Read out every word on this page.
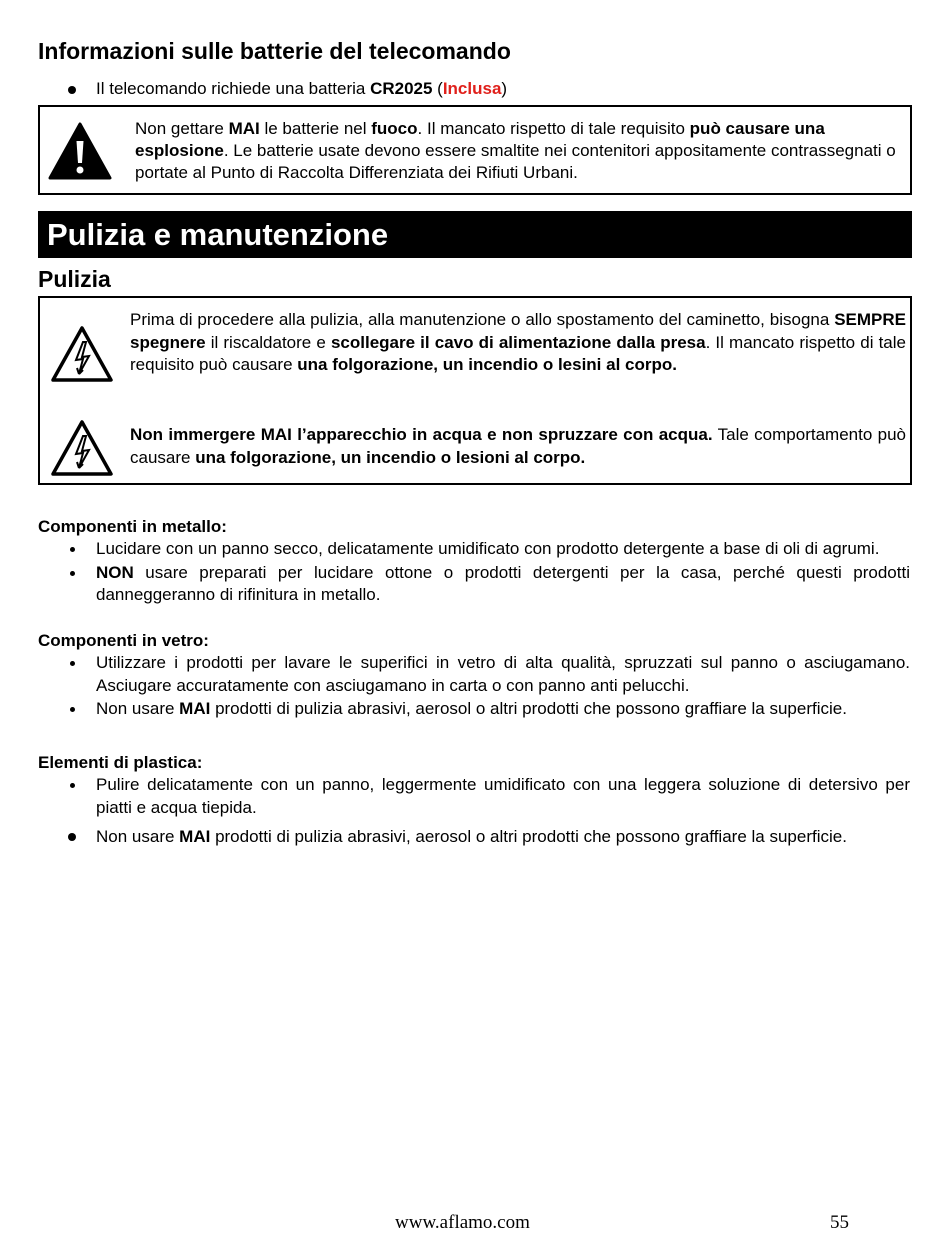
Informazioni sulle batterie del telecomando
Il telecomando richiede una batteria CR2025 (Inclusa)
Non gettare MAI le batterie nel fuoco. Il mancato rispetto di tale requisito può causare una esplosione. Le batterie usate devono essere smaltite nei contenitori appositamente contrassegnati o portate al Punto di Raccolta Differenziata dei Rifiuti Urbani.
Pulizia e manutenzione
Pulizia
Prima di procedere alla pulizia, alla manutenzione o allo spostamento del caminetto, bisogna SEMPRE spegnere il riscaldatore e scollegare il cavo di alimentazione dalla presa. Il mancato rispetto di tale requisito può causare una folgorazione, un incendio o lesini al corpo.
Non immergere MAI l’apparecchio in acqua e non spruzzare con acqua. Tale comportamento può causare una folgorazione, un incendio o lesioni al corpo.

Componenti in metallo:

Lucidare con un panno secco, delicatamente umidificato con prodotto detergente a base di oli di agrumi.
NON usare preparati per lucidare ottone o prodotti detergenti per la casa, perché questi prodotti danneggeranno di rifinitura in metallo.

Componenti in vetro:

Utilizzare i prodotti per lavare le superifici in vetro di alta qualità, spruzzati sul panno o asciugamano. Asciugare accuratamente con asciugamano in carta o con panno anti pelucchi.
Non usare MAI prodotti di pulizia abrasivi, aerosol o altri prodotti che possono graffiare la superficie.

Elementi di plastica:

Pulire delicatamente con un panno, leggermente umidificato con una leggera soluzione di detersivo per piatti e acqua tiepida.
Non usare MAI prodotti di pulizia abrasivi, aerosol o altri prodotti che possono graffiare la superficie.
www.aflamo.com	55
